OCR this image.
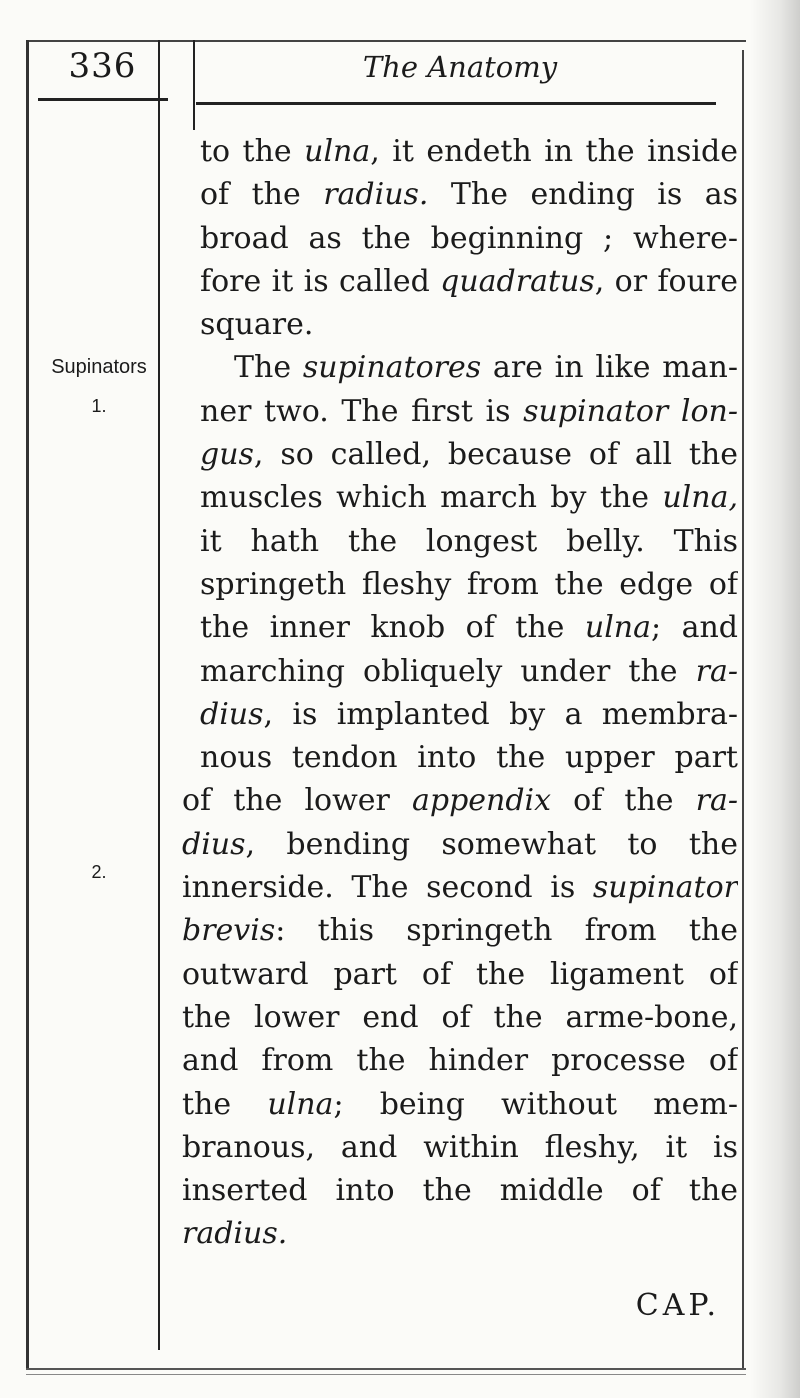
336	The Anatomy
Supinators
1.
2.
to the ulna, it endeth in the inside
of the radius. The ending is as
broad as the beginning ; where-
fore it is called quadratus, or foure
square.
The supinatores are in like man-
ner two. The first is supinator lon-
gus, so called, because of all the
muscles which march by the ulna,
it hath the longest belly. This
springeth fleshy from the edge of
the inner knob of the ulna; and
marching obliquely under the ra-
dius, is implanted by a membra-
nous tendon into the upper part
of the lower appendix of the ra-
dius, bending somewhat to the
innerside. The second is supinator
brevis: this springeth from the
outward part of the ligament of
the lower end of the arme-bone,
and from the hinder processe of
the ulna; being without mem-
branous, and within fleshy, it is
inserted into the middle of the
radius.
CAP.
